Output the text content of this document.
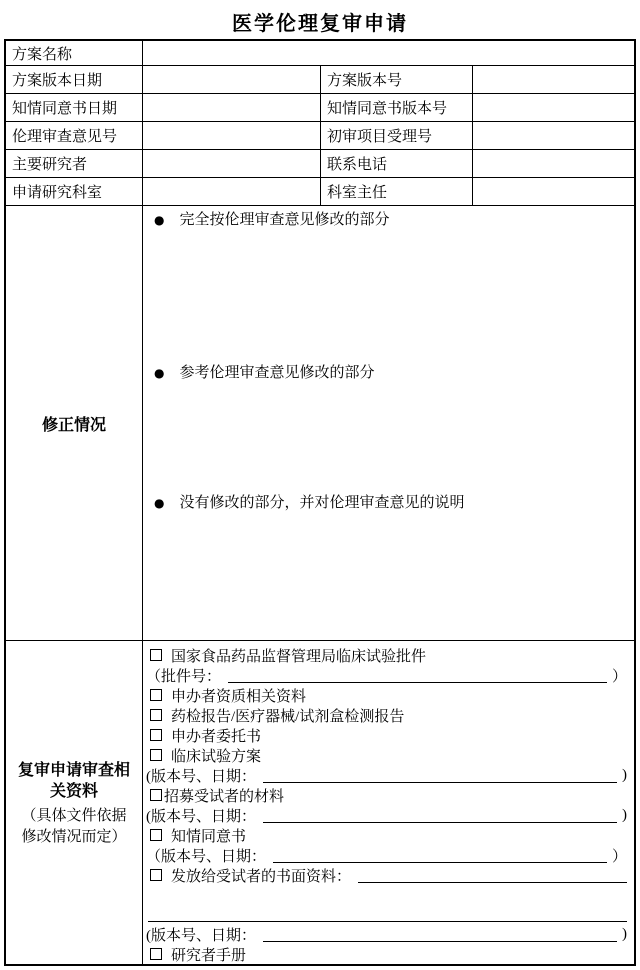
医学伦理复审申请
方案名称
方案版本日期	方案版本号
知情同意书日期	知情同意书版本号
伦理审查意见号	初审项目受理号
主要研究者	联系电话
申请研究科室	科室主任
修正情况
● 完全按伦理审查意见修改的部分
● 参考伦理审查意见修改的部分
● 没有修改的部分，并对伦理审查意见的说明
复审申请审查相关资料
（具体文件依据修改情况而定）
国家食品药品监督管理局临床试验批件
（批件号：	）
申办者资质相关资料
药检报告/医疗器械/试剂盒检测报告
申办者委托书
临床试验方案
(版本号、日期：	)
招募受试者的材料
(版本号、日期：	)
知情同意书
（版本号、日期：	）
发放给受试者的书面资料：
(版本号、日期：	)
研究者手册
